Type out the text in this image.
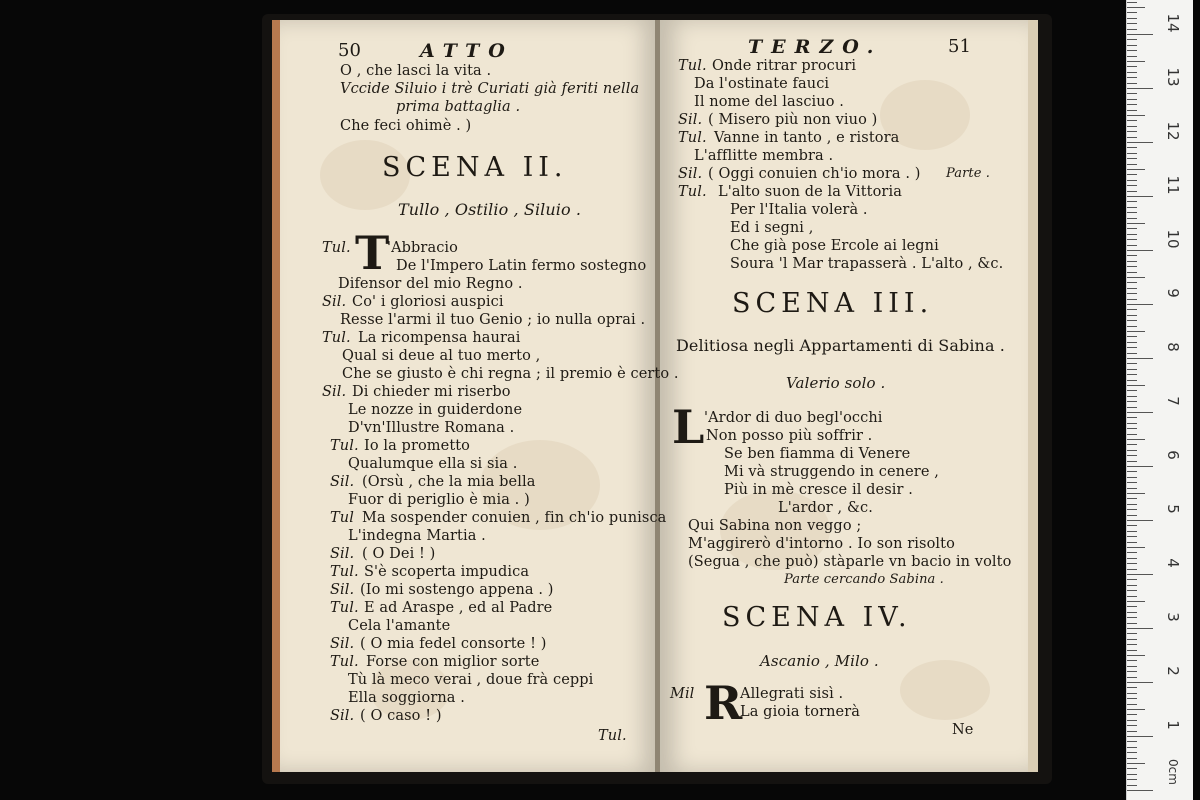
50	ATTO
O , che lasci la vita .
Vccide Siluio i trè Curiati già feriti nella
prima battaglia .
Che feci ohimè . )
SCENA II.
Tullo , Ostilio , Siluio .
T
Tul.	'Abbracio
De l'Impero Latin fermo sostegno
Difensor del mio Regno .
Sil. Co' i gloriosi auspici
Resse l'armi il tuo Genio ; io nulla oprai .
Tul. La ricompensa haurai
Qual si deue al tuo merto ,
Che se giusto è chi regna ; il premio è certo .
Sil. Di chieder mi riserbo
Le nozze in guiderdone
D'vn'Illustre Romana .
Tul. Io la prometto
Qualumque ella si sia .
Sil. (Orsù , che la mia bella
Fuor di periglio è mia . )
Tul Ma sospender conuien , fin ch'io punisca
L'indegna Martia .
Sil. ( O Dei ! )
Tul. S'è scoperta impudica
Sil. (Io mi sostengo appena . )
Tul. E ad Araspe , ed al Padre
Cela l'amante
Sil. ( O mia fedel consorte ! )
Tul. Forse con miglior sorte
Tù là meco verai , doue frà ceppi
Ella soggiorna .
Sil. ( O caso ! )
Tul.
TERZO.	51
Tul. Onde ritrar procuri
Da l'ostinate fauci
Il nome del lasciuo .
Sil. ( Misero più non viuo )
Tul. Vanne in tanto , e ristora
L'afflitte membra .
Sil. ( Oggi conuien ch'io mora . ) Parte .
Tul. L'alto suon de la Vittoria
Per l'Italia volerà .
Ed i segni ,
Che già pose Ercole ai legni
Soura 'l Mar trapasserà . L'alto , &c.
SCENA III.
Delitiosa negli Appartamenti di Sabina .
Valerio solo .
L 'Ardor di duo begl'occhi
Non posso più soffrir .
Se ben fiamma di Venere
Mi và struggendo in cenere ,
Più in mè cresce il desir .
L'ardor , &c.
Qui Sabina non veggo ;
M'aggirerò d'intorno . Io son risolto
(Segua , che può) stàparle vn bacio in volto
Parte cercando Sabina .
SCENA IV.
Ascanio , Milo .
Mil R
Allegrati sisì .
La gioia tornerà
Ne
14
13
12
11
10
9
8
7
6
5
4
3
2
1
0cm
